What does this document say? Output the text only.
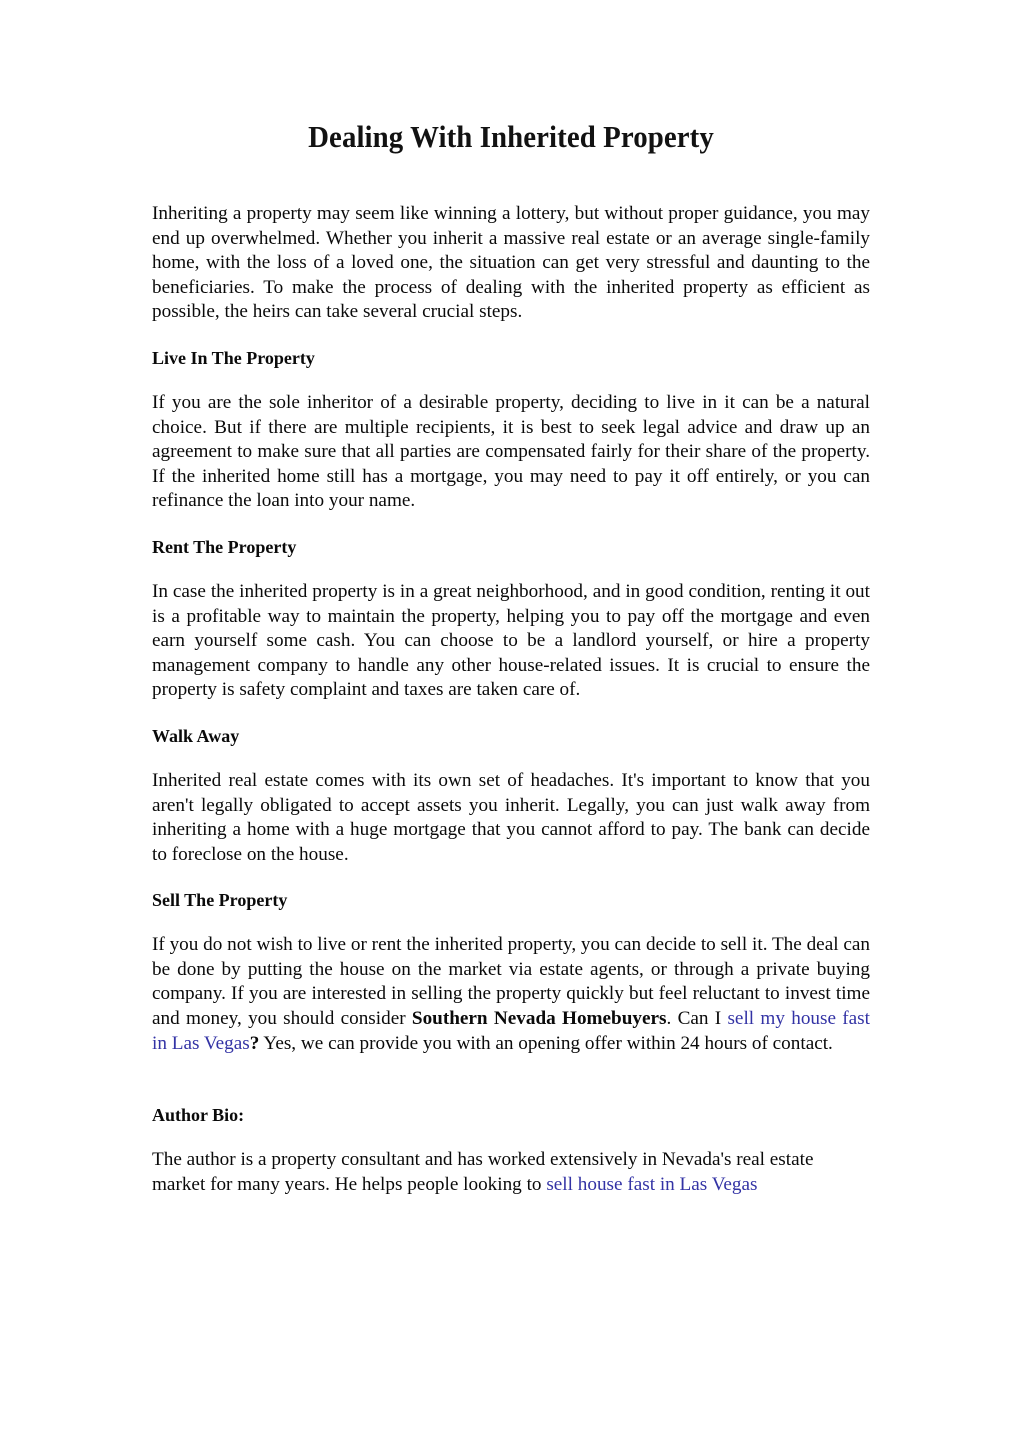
Dealing With Inherited Property

Inheriting a property may seem like winning a lottery, but without proper guidance, you may end up overwhelmed. Whether you inherit a massive real estate or an average single-family home, with the loss of a loved one, the situation can get very stressful and daunting to the beneficiaries. To make the process of dealing with the inherited property as efficient as possible, the heirs can take several crucial steps.

Live In The Property

If you are the sole inheritor of a desirable property, deciding to live in it can be a natural choice. But if there are multiple recipients, it is best to seek legal advice and draw up an agreement to make sure that all parties are compensated fairly for their share of the property. If the inherited home still has a mortgage, you may need to pay it off entirely, or you can refinance the loan into your name.

Rent The Property

In case the inherited property is in a great neighborhood, and in good condition, renting it out is a profitable way to maintain the property, helping you to pay off the mortgage and even earn yourself some cash. You can choose to be a landlord yourself, or hire a property management company to handle any other house-related issues. It is crucial to ensure the property is safety complaint and taxes are taken care of.

Walk Away

Inherited real estate comes with its own set of headaches. It's important to know that you aren't legally obligated to accept assets you inherit. Legally, you can just walk away from inheriting a home with a huge mortgage that you cannot afford to pay. The bank can decide to foreclose on the house.

Sell The Property

If you do not wish to live or rent the inherited property, you can decide to sell it. The deal can be done by putting the house on the market via estate agents, or through a private buying company. If you are interested in selling the property quickly but feel reluctant to invest time and money, you should consider Southern Nevada Homebuyers. Can I sell my house fast in Las Vegas? Yes, we can provide you with an opening offer within 24 hours of contact.

Author Bio:

The author is a property consultant and has worked extensively in Nevada's real estate market for many years. He helps people looking to sell house fast in Las Vegas
